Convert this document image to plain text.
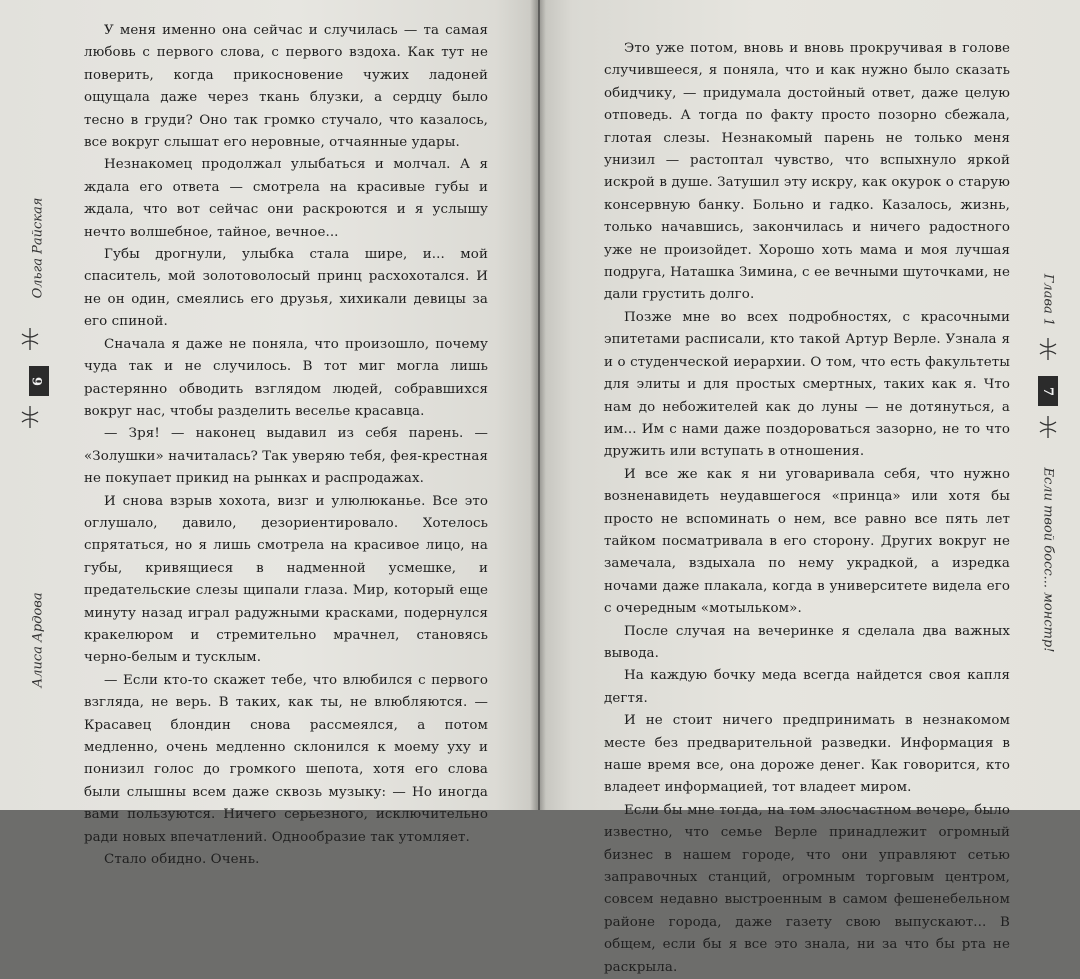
Ольга Райская
6
Алиса Ардова

У меня именно она сейчас и случилась — та самая любовь с первого слова, с первого вздоха. Как тут не поверить, когда прикосновение чужих ладоней ощущала даже через ткань блузки, а сердцу было тесно в груди? Оно так громко стучало, что казалось, все вокруг слышат его неровные, отчаянные удары.

Незнакомец продолжал улыбаться и молчал. А я ждала его ответа — смотрела на красивые губы и ждала, что вот сейчас они раскроются и я услышу нечто волшебное, тайное, вечное...

Губы дрогнули, улыбка стала шире, и... мой спаситель, мой золотоволосый принц расхохотался. И не он один, смеялись его друзья, хихикали девицы за его спиной.

Сначала я даже не поняла, что произошло, почему чуда так и не случилось. В тот миг могла лишь растерянно обводить взглядом людей, собравшихся вокруг нас, чтобы разделить веселье красавца.

— Зря! — наконец выдавил из себя парень. — «Золушки» начиталась? Так уверяю тебя, фея-крестная не покупает прикид на рынках и распродажах.

И снова взрыв хохота, визг и улюлюканье. Все это оглушало, давило, дезориентировало. Хотелось спрятаться, но я лишь смотрела на красивое лицо, на губы, кривящиеся в надменной усмешке, и предательские слезы щипали глаза. Мир, который еще минуту назад играл радужными красками, подернулся кракелюром и стремительно мрачнел, становясь черно-белым и тусклым.

— Если кто-то скажет тебе, что влюбился с первого взгляда, не верь. В таких, как ты, не влюбляются. — Красавец блондин снова рассмеялся, а потом медленно, очень медленно склонился к моему уху и понизил голос до громкого шепота, хотя его слова были слышны всем даже сквозь музыку: — Но иногда вами пользуются. Ничего серьезного, исключительно ради новых впечатлений. Однообразие так утомляет.

Стало обидно. Очень.

Это уже потом, вновь и вновь прокручивая в голове случившееся, я поняла, что и как нужно было сказать обидчику, — придумала достойный ответ, даже целую отповедь. А тогда по факту просто позорно сбежала, глотая слезы. Незнакомый парень не только меня унизил — растоптал чувство, что вспыхнуло яркой искрой в душе. Затушил эту искру, как окурок о старую консервную банку. Больно и гадко. Казалось, жизнь, только начавшись, закончилась и ничего радостного уже не произойдет. Хорошо хоть мама и моя лучшая подруга, Наташка Зимина, с ее вечными шуточками, не дали грустить долго.

Позже мне во всех подробностях, с красочными эпитетами расписали, кто такой Артур Верле. Узнала я и о студенческой иерархии. О том, что есть факультеты для элиты и для простых смертных, таких как я. Что нам до небожителей как до луны — не дотянуться, а им... Им с нами даже поздороваться зазорно, не то что дружить или вступать в отношения.

И все же как я ни уговаривала себя, что нужно возненавидеть неудавшегося «принца» или хотя бы просто не вспоминать о нем, все равно все пять лет тайком посматривала в его сторону. Других вокруг не замечала, вздыхала по нему украдкой, а изредка ночами даже плакала, когда в университете видела его с очередным «мотыльком».

После случая на вечеринке я сделала два важных вывода.

На каждую бочку меда всегда найдется своя капля дегтя.

И не стоит ничего предпринимать в незнакомом месте без предварительной разведки. Информация в наше время все, она дороже денег. Как говорится, кто владеет информацией, тот владеет миром.

Если бы мне тогда, на том злосчастном вечере, было известно, что семье Верле принадлежит огромный бизнес в нашем городе, что они управляют сетью заправочных станций, огромным торговым центром, совсем недавно выстроенным в самом фешенебельном районе города, даже газету свою выпускают... В общем, если бы я все это знала, ни за что бы рта не раскрыла.

Глава 1
7
Если твой босс... монстр!
